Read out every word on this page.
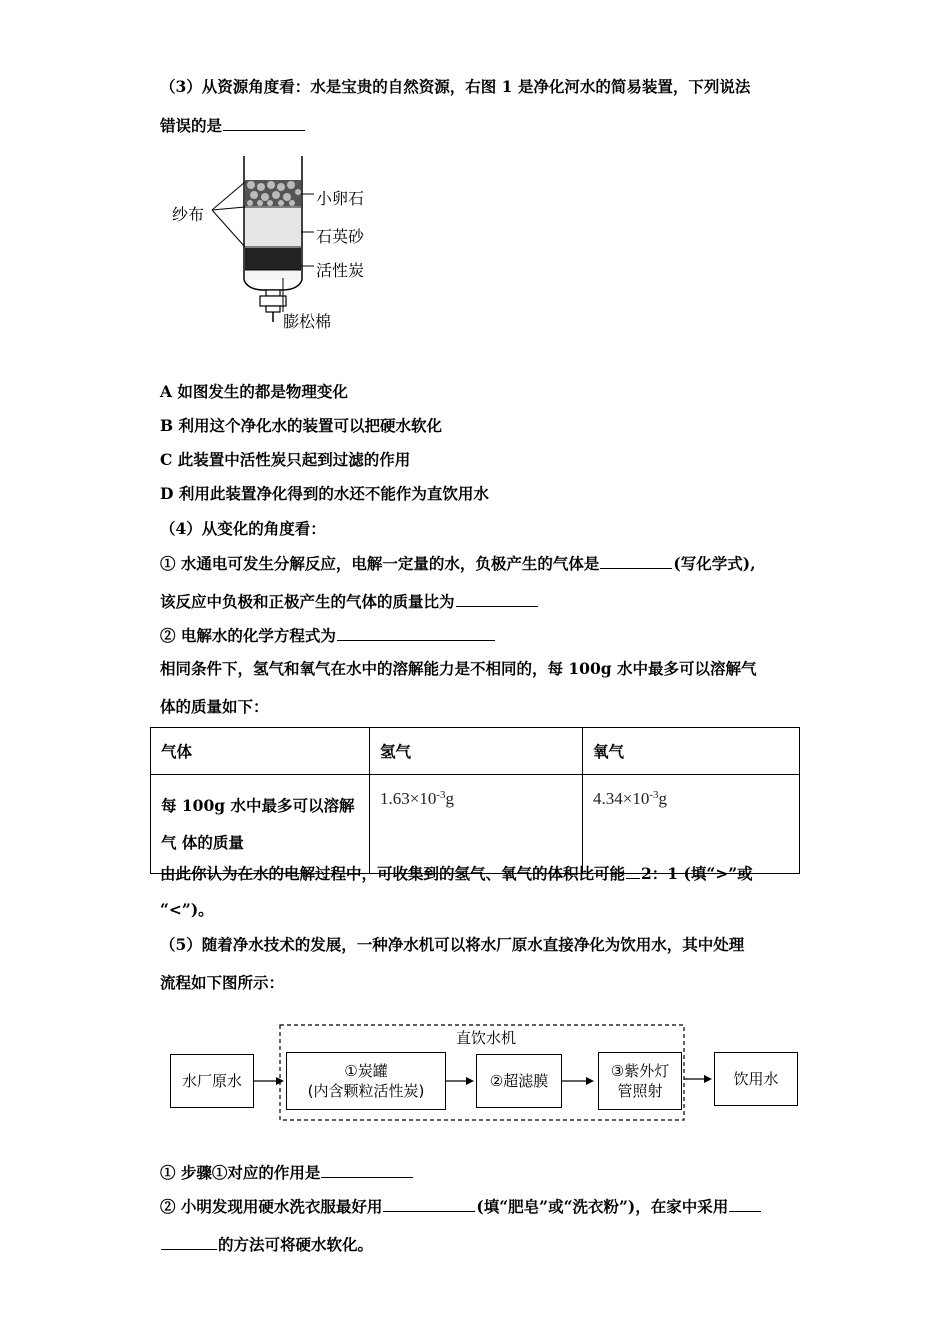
（3）从资源角度看：水是宝贵的自然资源，右图 1 是净化河水的简易装置，下列说法
错误的是
纱布
小卵石
石英砂
活性炭
膨松棉
A 如图发生的都是物理变化
B 利用这个净化水的装置可以把硬水软化
C 此装置中活性炭只起到过滤的作用
D 利用此装置净化得到的水还不能作为直饮用水
（4）从变化的角度看：
① 水通电可发生分解反应，电解一定量的水，负极产生的气体是	(写化学式),
该反应中负极和正极产生的气体的质量比为
② 电解水的化学方程式为
相同条件下，氢气和氧气在水中的溶解能力是不相同的，每 100g 水中最多可以溶解气
体的质量如下：
气体	氢气	氧气

每 100g 水中最多可以溶解
气 体的质量	$1.63\times 10^{-3}g$	$4.34\times 10^{-3}g$
由此你认为在水的电解过程中，可收集到的氢气、氧气的体积比可能 2：1 (填“>”或
“<”)。
（5）随着净水技术的发展，一种净水机可以将水厂原水直接净化为饮用水，其中处理
流程如下图所示：
直饮水机
水厂原水
①炭罐
(内含颗粒活性炭)
②超滤膜
③紫外灯
管照射
饮用水
① 步骤①对应的作用是
② 小明发现用硬水洗衣服最好用	(填“肥皂”或“洗衣粉”)，在家中采用
的方法可将硬水软化。
